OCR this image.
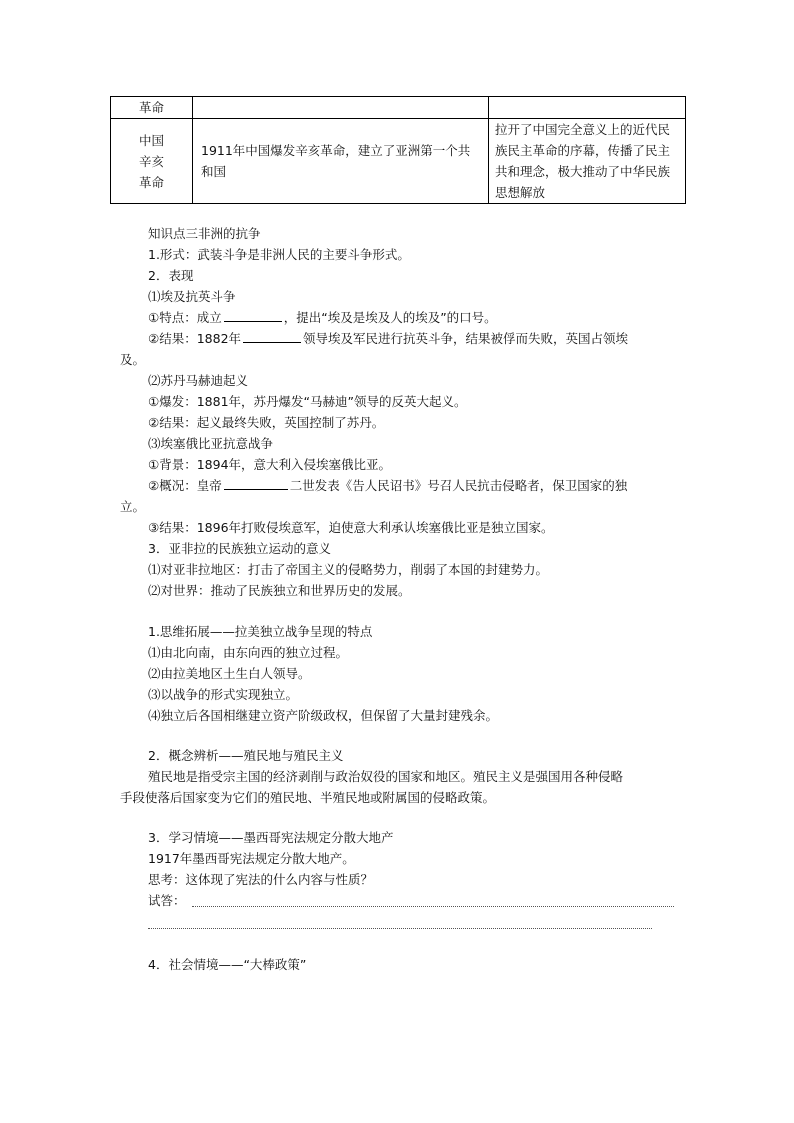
革命		

中国
辛亥
革命	1911年中国爆发辛亥革命，建立了亚洲第一个共和国	拉开了中国完全意义上的近代民族民主革命的序幕，传播了民主共和理念，极大推动了中华民族思想解放
知识点三非洲的抗争
1.形式：武装斗争是非洲人民的主要斗争形式。
2．表现
⑴埃及抗英斗争
①特点：成立	，提出“埃及是埃及人的埃及”的口号。
②结果：1882年	领导埃及军民进行抗英斗争，结果被俘而失败，英国占领埃
及。
⑵苏丹马赫迪起义
①爆发：1881年，苏丹爆发“马赫迪”领导的反英大起义。
②结果：起义最终失败，英国控制了苏丹。
⑶埃塞俄比亚抗意战争
①背景：1894年，意大利入侵埃塞俄比亚。
②概况：皇帝	二世发表《告人民诏书》号召人民抗击侵略者，保卫国家的独
立。
③结果：1896年打败侵埃意军，迫使意大利承认埃塞俄比亚是独立国家。
3．亚非拉的民族独立运动的意义
⑴对亚非拉地区：打击了帝国主义的侵略势力，削弱了本国的封建势力。
⑵对世界：推动了民族独立和世界历史的发展。
1.思维拓展——拉美独立战争呈现的特点
⑴由北向南，由东向西的独立过程。
⑵由拉美地区土生白人领导。
⑶以战争的形式实现独立。
⑷独立后各国相继建立资产阶级政权，但保留了大量封建残余。
2．概念辨析——殖民地与殖民主义
殖民地是指受宗主国的经济剥削与政治奴役的国家和地区。殖民主义是强国用各种侵略
手段使落后国家变为它们的殖民地、半殖民地或附属国的侵略政策。
3．学习情境——墨西哥宪法规定分散大地产
1917年墨西哥宪法规定分散大地产。
思考：这体现了宪法的什么内容与性质？
试答：
4．社会情境——“大棒政策”
